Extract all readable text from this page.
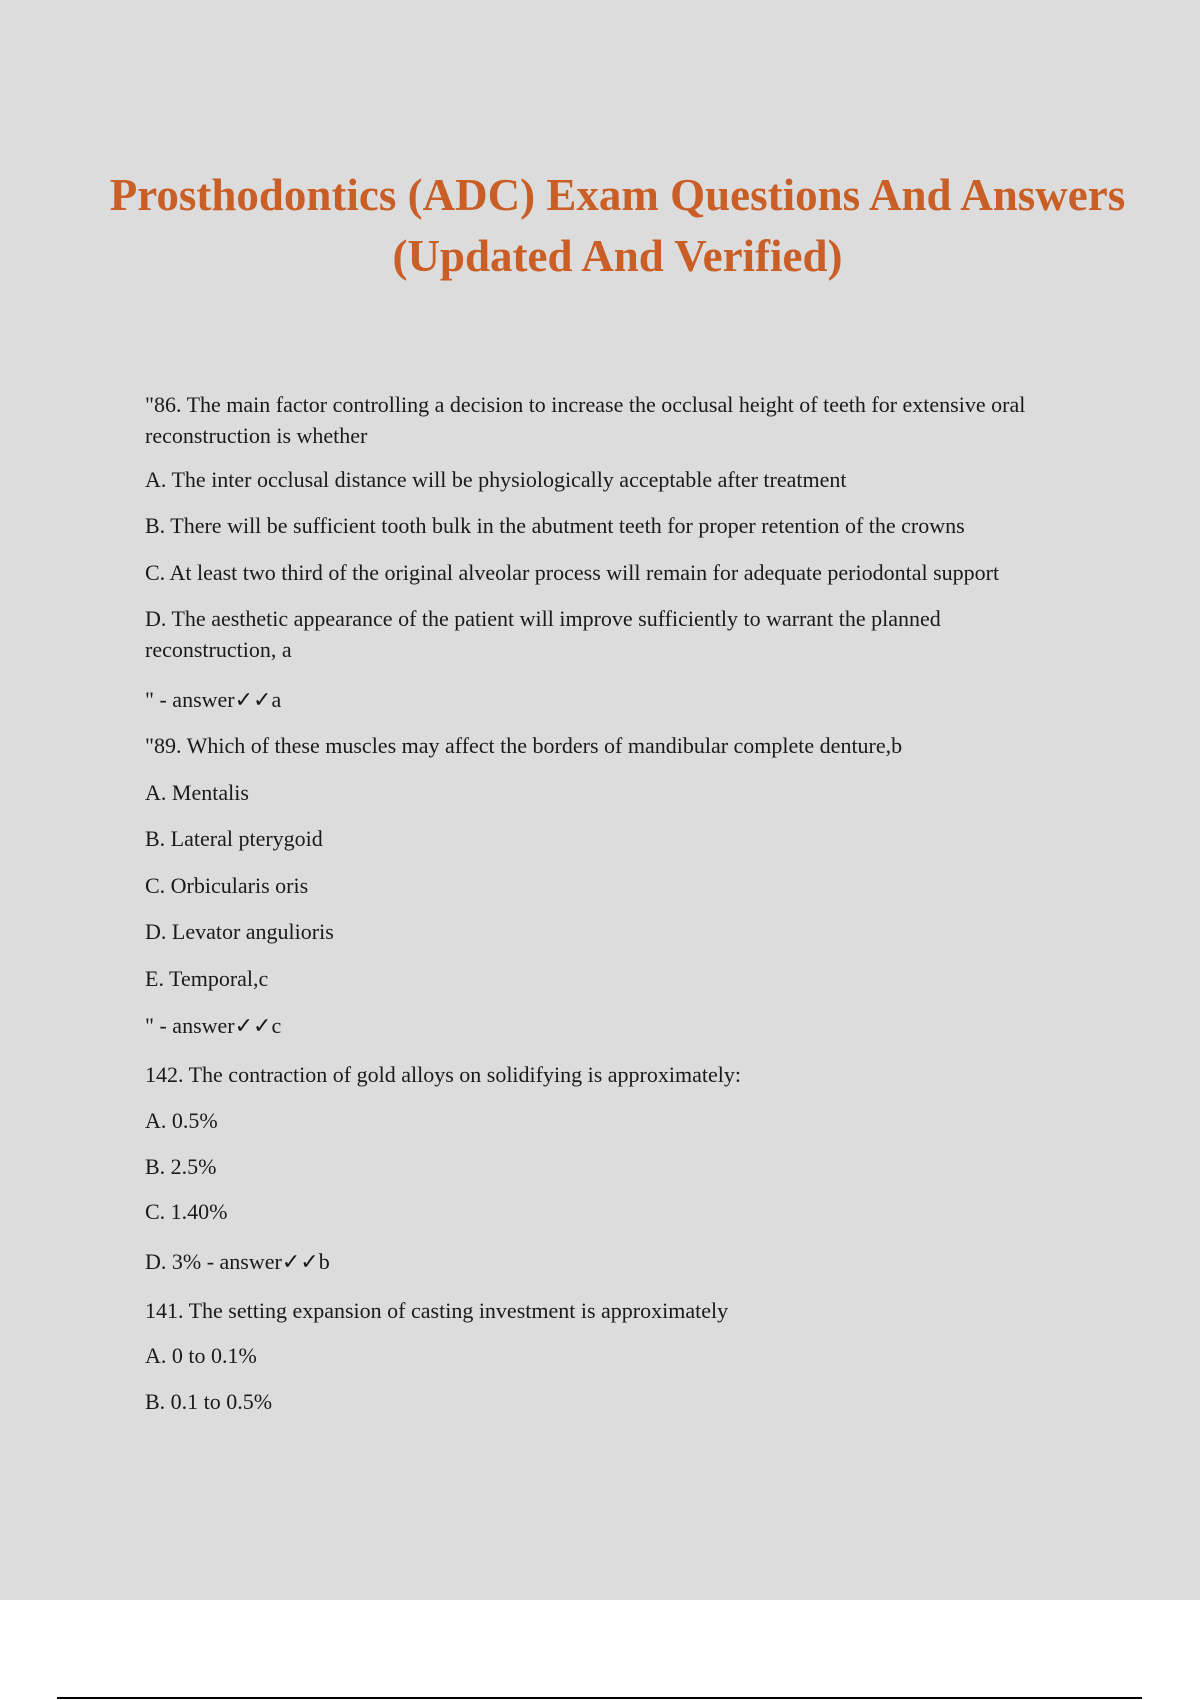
Prosthodontics (ADC) Exam Questions And Answers (Updated And Verified)

"86. The main factor controlling a decision to increase the occlusal height of teeth for extensive oral reconstruction is whether

A. The inter occlusal distance will be physiologically acceptable after treatment
B. There will be sufficient tooth bulk in the abutment teeth for proper retention of the crowns
C. At least two third of the original alveolar process will remain for adequate periodontal support

D. The aesthetic appearance of the patient will improve sufficiently to warrant the planned reconstruction, a

" - answer✓✓a
"89. Which of these muscles may affect the borders of mandibular complete denture,b
A. Mentalis
B. Lateral pterygoid
C. Orbicularis oris
D. Levator angulioris
E. Temporal,c
" - answer✓✓c
142. The contraction of gold alloys on solidifying is approximately:
A. 0.5%
B. 2.5%
C. 1.40%
D. 3% - answer✓✓b
141. The setting expansion of casting investment is approximately
A. 0 to 0.1%
B. 0.1 to 0.5%
